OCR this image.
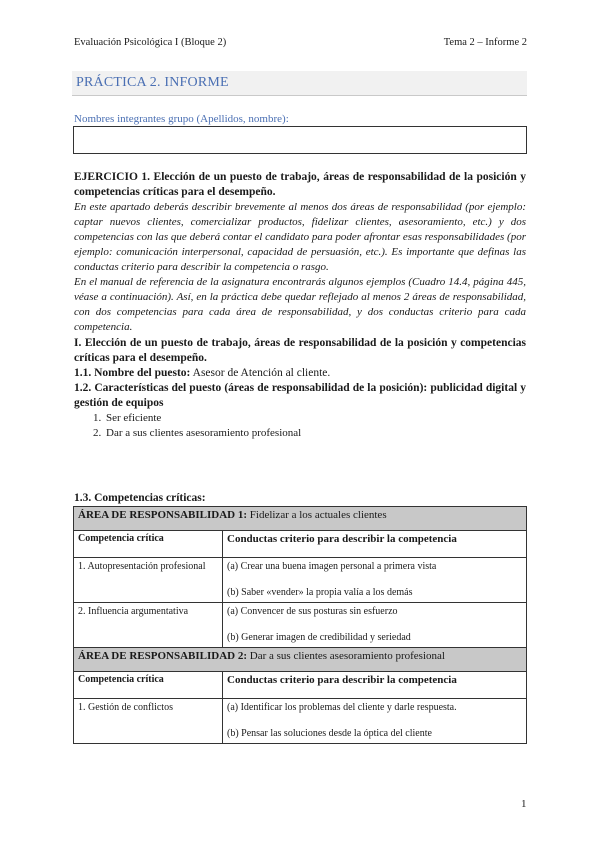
Evaluación Psicológica I (Bloque 2)	Tema 2 – Informe 2
PRÁCTICA 2. INFORME
Nombres integrantes grupo (Apellidos, nombre):
EJERCICIO 1. Elección de un puesto de trabajo, áreas de responsabilidad de la posición y competencias críticas para el desempeño.
En este apartado deberás describir brevemente al menos dos áreas de responsabilidad (por ejemplo: captar nuevos clientes, comercializar productos, fidelizar clientes, asesoramiento, etc.) y dos competencias con las que deberá contar el candidato para poder afrontar esas responsabilidades (por ejemplo: comunicación interpersonal, capacidad de persuasión, etc.). Es importante que definas las conductas criterio para describir la competencia o rasgo.
En el manual de referencia de la asignatura encontrarás algunos ejemplos (Cuadro 14.4, página 445, véase a continuación). Así, en la práctica debe quedar reflejado al menos 2 áreas de responsabilidad, con dos competencias para cada área de responsabilidad, y dos conductas criterio para cada competencia.
I. Elección de un puesto de trabajo, áreas de responsabilidad de la posición y competencias críticas para el desempeño.
1.1. Nombre del puesto: Asesor de Atención al cliente.
1.2. Características del puesto (áreas de responsabilidad de la posición): publicidad digital y gestión de equipos
1. Ser eficiente
2. Dar a sus clientes asesoramiento profesional
1.3. Competencias críticas:
ÁREA DE RESPONSABILIDAD 1: Fidelizar a los actuales clientes	
Competencia crítica	Conductas criterio para describir la competencia

1. Autopresentación profesional	(a) Crear una buena imagen personal a primera vista
(b) Saber «vender» la propia valía a los demás

2. Influencia argumentativa	(a) Convencer de sus posturas sin esfuerzo
(b) Generar imagen de credibilidad y seriedad

ÁREA DE RESPONSABILIDAD 2: Dar a sus clientes asesoramiento profesional	
Competencia crítica	Conductas criterio para describir la competencia

1. Gestión de conflictos	(a) Identificar los problemas del cliente y darle respuesta.
(b) Pensar las soluciones desde la óptica del cliente
1
